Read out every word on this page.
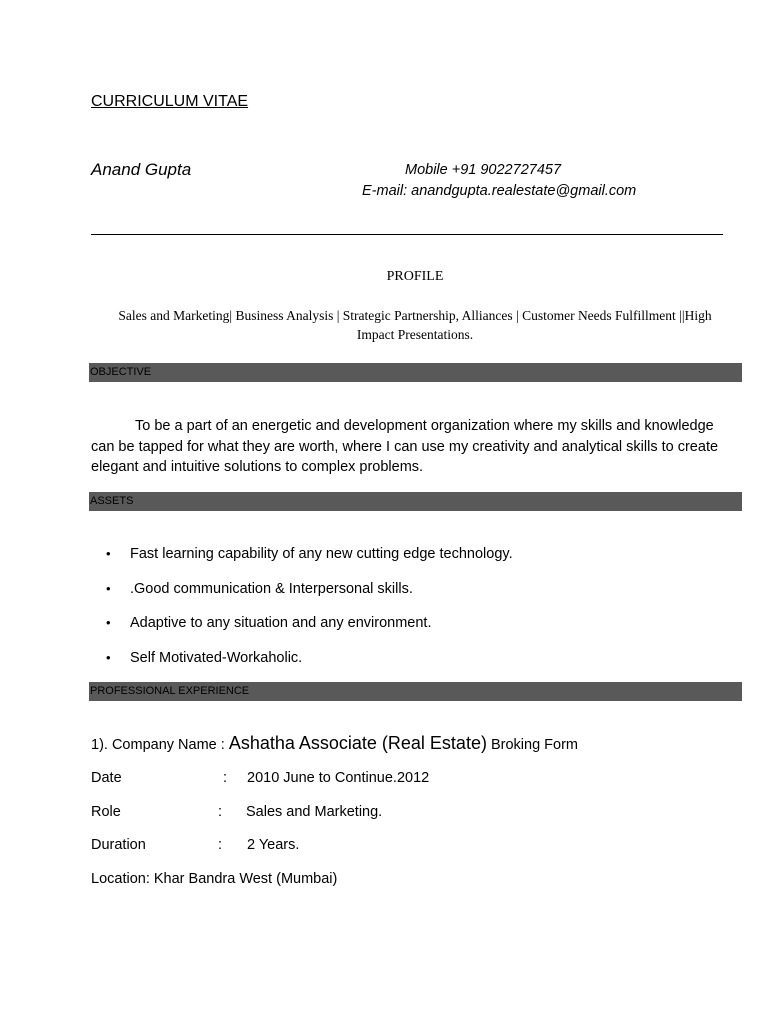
CURRICULUM VITAE
Anand Gupta	Mobile +91 9022727457
E-mail: anandgupta.realestate@gmail.com
PROFILE
Sales and Marketing| Business Analysis | Strategic Partnership, Alliances | Customer Needs Fulfillment ||High Impact Presentations.
OBJECTIVE
To be a part of an energetic and development organization where my skills and knowledge can be tapped for what they are worth, where I can use my creativity and analytical skills to create elegant and intuitive solutions to complex problems.
ASSETS
• Fast learning capability of any new cutting edge technology.
• .Good communication & Interpersonal skills.
• Adaptive to any situation and any environment.
• Self Motivated-Workaholic.
PROFESSIONAL EXPERIENCE
1). Company Name : Ashatha Associate (Real Estate) Broking Form
Date	: 2010 June to Continue.2012
Role	: Sales and Marketing.
Duration	: 2 Years.
Location: Khar Bandra West (Mumbai)
